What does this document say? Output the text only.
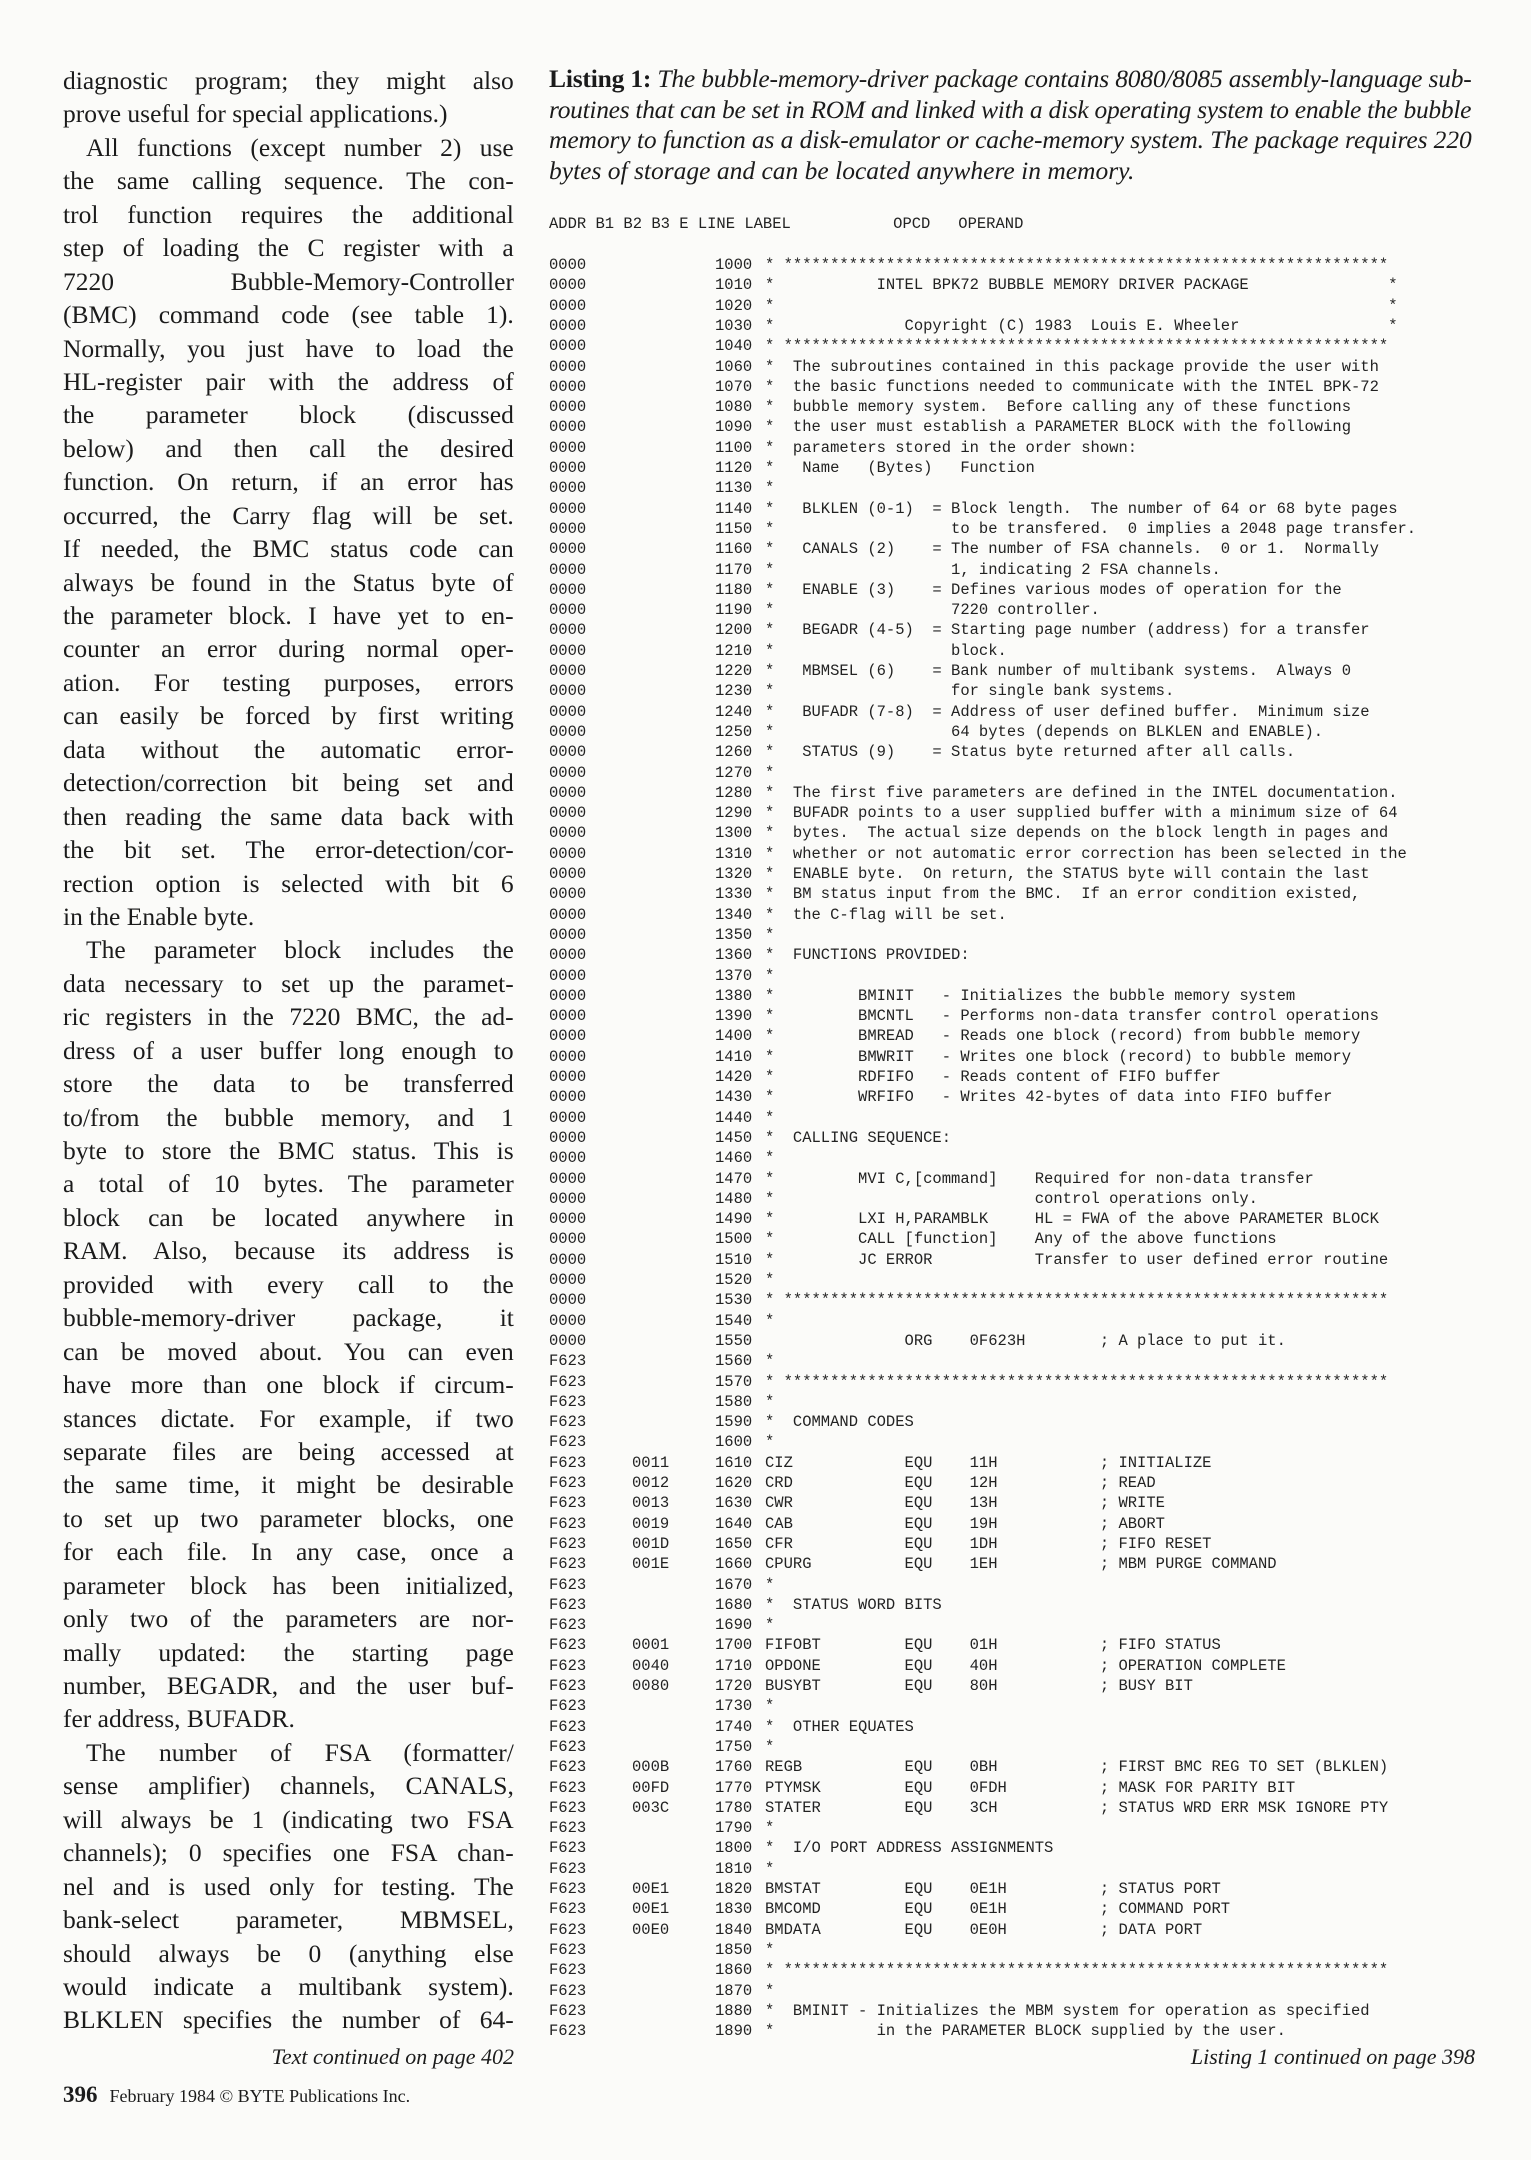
diagnostic program; they might also
prove useful for special applications.)
All functions (except number 2) use
the same calling sequence. The con-
trol function requires the additional
step of loading the C register with a
7220 Bubble-Memory-Controller
(BMC) command code (see table 1).
Normally, you just have to load the
HL-register pair with the address of
the parameter block (discussed
below) and then call the desired
function. On return, if an error has
occurred, the Carry flag will be set.
If needed, the BMC status code can
always be found in the Status byte of
the parameter block. I have yet to en-
counter an error during normal oper-
ation. For testing purposes, errors
can easily be forced by first writing
data without the automatic error-
detection/correction bit being set and
then reading the same data back with
the bit set. The error-detection/cor-
rection option is selected with bit 6
in the Enable byte.
The parameter block includes the
data necessary to set up the paramet-
ric registers in the 7220 BMC, the ad-
dress of a user buffer long enough to
store the data to be transferred
to/from the bubble memory, and 1
byte to store the BMC status. This is
a total of 10 bytes. The parameter
block can be located anywhere in
RAM. Also, because its address is
provided with every call to the
bubble-memory-driver package, it
can be moved about. You can even
have more than one block if circum-
stances dictate. For example, if two
separate files are being accessed at
the same time, it might be desirable
to set up two parameter blocks, one
for each file. In any case, once a
parameter block has been initialized,
only two of the parameters are nor-
mally updated: the starting page
number, BEGADR, and the user buf-
fer address, BUFADR.
The number of FSA (formatter/
sense amplifier) channels, CANALS,
will always be 1 (indicating two FSA
channels); 0 specifies one FSA chan-
nel and is used only for testing. The
bank-select parameter, MBMSEL,
should always be 0 (anything else
would indicate a multibank system).
BLKLEN specifies the number of 64-
Text continued on page 402
Listing 1: The bubble-memory-driver package contains 8080/8085 assembly-language sub-
routines that can be set in ROM and linked with a disk operating system to enable the bubble
memory to function as a disk-emulator or cache-memory system. The package requires 220
bytes of storage and can be located anywhere in memory.
ADDR B1 B2 B3 E LINE LABEL           OPCD   OPERAND
0000	1000 * *****************************************************************
0000	1010 *           INTEL BPK72 BUBBLE MEMORY DRIVER PACKAGE               *
0000	1020 *                                                                  *
0000	1030 *              Copyright (C) 1983  Louis E. Wheeler                *
0000	1040 * *****************************************************************
0000	1060 *  The subroutines contained in this package provide the user with
0000	1070 *  the basic functions needed to communicate with the INTEL BPK-72
0000	1080 *  bubble memory system.  Before calling any of these functions
0000	1090 *  the user must establish a PARAMETER BLOCK with the following
0000	1100 *  parameters stored in the order shown:
0000	1120 *   Name   (Bytes)   Function
0000	1130 *
0000	1140 *   BLKLEN (0-1)  = Block length.  The number of 64 or 68 byte pages
0000	1150 *                   to be transfered.  0 implies a 2048 page transfer.
0000	1160 *   CANALS (2)    = The number of FSA channels.  0 or 1.  Normally
0000	1170 *                   1, indicating 2 FSA channels.
0000	1180 *   ENABLE (3)    = Defines various modes of operation for the
0000	1190 *                   7220 controller.
0000	1200 *   BEGADR (4-5)  = Starting page number (address) for a transfer
0000	1210 *                   block.
0000	1220 *   MBMSEL (6)    = Bank number of multibank systems.  Always 0
0000	1230 *                   for single bank systems.
0000	1240 *   BUFADR (7-8)  = Address of user defined buffer.  Minimum size
0000	1250 *                   64 bytes (depends on BLKLEN and ENABLE).
0000	1260 *   STATUS (9)    = Status byte returned after all calls.
0000	1270 *
0000	1280 *  The first five parameters are defined in the INTEL documentation.
0000	1290 *  BUFADR points to a user supplied buffer with a minimum size of 64
0000	1300 *  bytes.  The actual size depends on the block length in pages and
0000	1310 *  whether or not automatic error correction has been selected in the
0000	1320 *  ENABLE byte.  On return, the STATUS byte will contain the last
0000	1330 *  BM status input from the BMC.  If an error condition existed,
0000	1340 *  the C-flag will be set.
0000	1350 *
0000	1360 *  FUNCTIONS PROVIDED:
0000	1370 *
0000	1380 *         BMINIT   - Initializes the bubble memory system
0000	1390 *         BMCNTL   - Performs non-data transfer control operations
0000	1400 *         BMREAD   - Reads one block (record) from bubble memory
0000	1410 *         BMWRIT   - Writes one block (record) to bubble memory
0000	1420 *         RDFIFO   - Reads content of FIFO buffer
0000	1430 *         WRFIFO   - Writes 42-bytes of data into FIFO buffer
0000	1440 *
0000	1450 *  CALLING SEQUENCE:
0000	1460 *
0000	1470 *         MVI C,[command]    Required for non-data transfer
0000	1480 *                            control operations only.
0000	1490 *         LXI H,PARAMBLK     HL = FWA of the above PARAMETER BLOCK
0000	1500 *         CALL [function]    Any of the above functions
0000	1510 *         JC ERROR           Transfer to user defined error routine
0000	1520 *
0000	1530 * *****************************************************************
0000	1540 *
0000	1550 ORG    0F623H        ; A place to put it.
F623	1560 *
F623	1570 * *****************************************************************
F623	1580 *
F623	1590 *  COMMAND CODES
F623	1600 *
F623	0011	1610 CIZ            EQU    11H           ; INITIALIZE
F623	0012	1620 CRD            EQU    12H           ; READ
F623	0013	1630 CWR            EQU    13H           ; WRITE
F623	0019	1640 CAB            EQU    19H           ; ABORT
F623	001D	1650 CFR            EQU    1DH           ; FIFO RESET
F623	001E	1660 CPURG          EQU    1EH           ; MBM PURGE COMMAND
F623	1670 *
F623	1680 *  STATUS WORD BITS
F623	1690 *
F623	0001	1700 FIFOBT         EQU    01H           ; FIFO STATUS
F623	0040	1710 OPDONE         EQU    40H           ; OPERATION COMPLETE
F623	0080	1720 BUSYBT         EQU    80H           ; BUSY BIT
F623	1730 *
F623	1740 *  OTHER EQUATES
F623	1750 *
F623	000B	1760 REGB           EQU    0BH           ; FIRST BMC REG TO SET (BLKLEN)
F623	00FD	1770 PTYMSK         EQU    0FDH          ; MASK FOR PARITY BIT
F623	003C	1780 STATER         EQU    3CH           ; STATUS WRD ERR MSK IGNORE PTY
F623	1790 *
F623	1800 *  I/O PORT ADDRESS ASSIGNMENTS
F623	1810 *
F623	00E1	1820 BMSTAT         EQU    0E1H          ; STATUS PORT
F623	00E1	1830 BMCOMD         EQU    0E1H          ; COMMAND PORT
F623	00E0	1840 BMDATA         EQU    0E0H          ; DATA PORT
F623	1850 *
F623	1860 * *****************************************************************
F623	1870 *
F623	1880 *  BMINIT - Initializes the MBM system for operation as specified
F623	1890 *           in the PARAMETER BLOCK supplied by the user.
Listing 1 continued on page 398
396 February 1984 © BYTE Publications Inc.
